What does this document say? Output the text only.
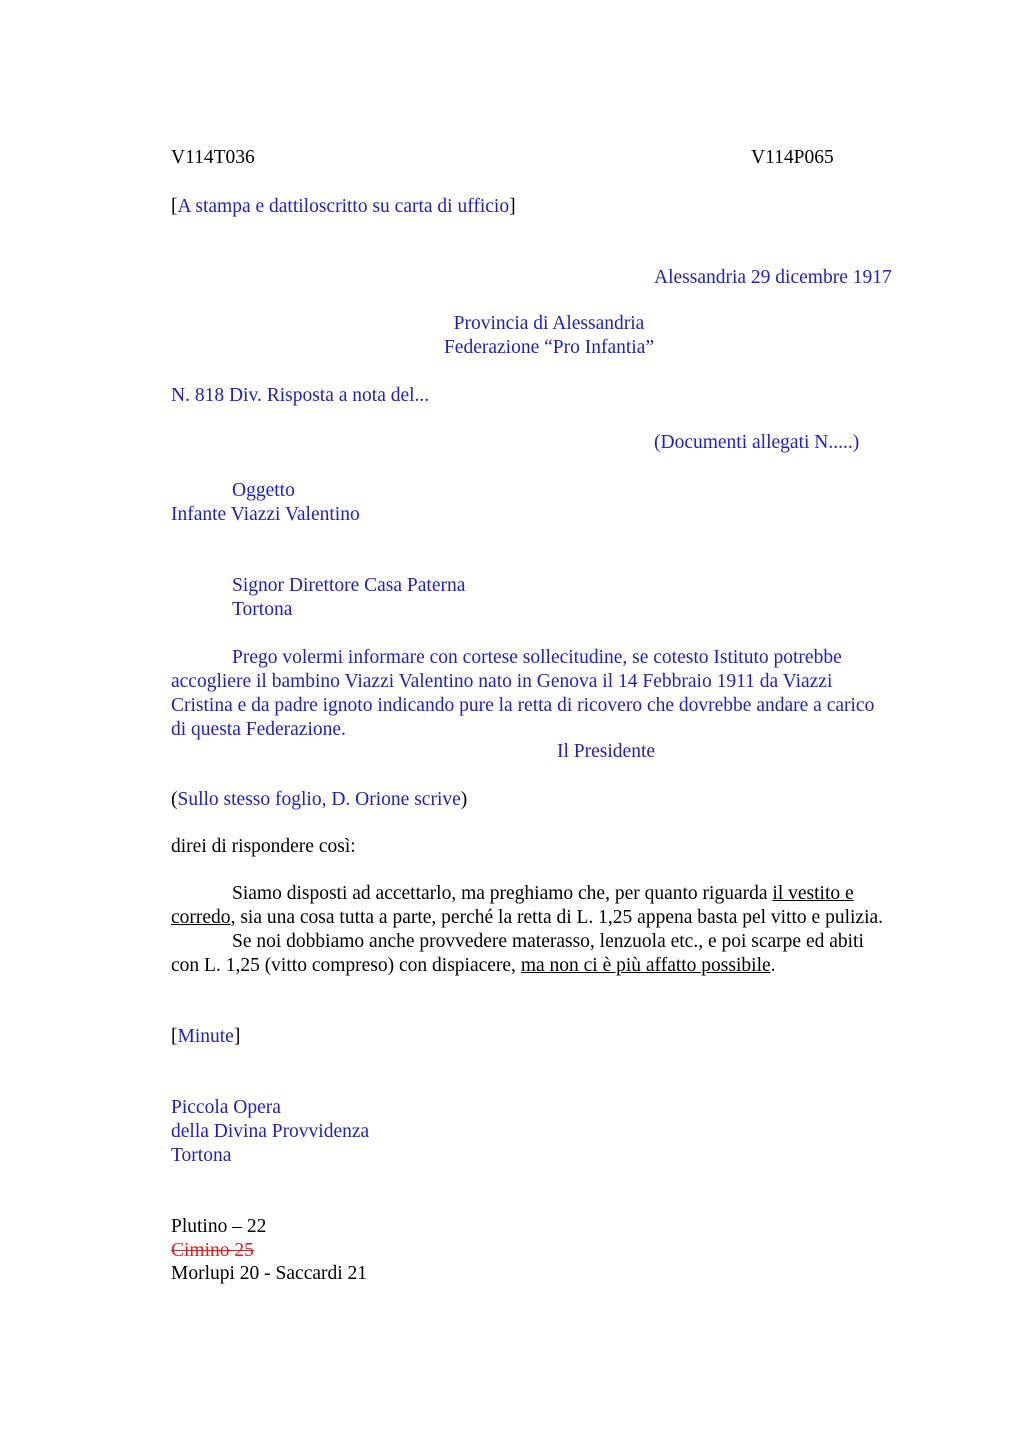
V114T036	V114P065
[A stampa e dattiloscritto su carta di ufficio]
Alessandria 29 dicembre 1917
Provincia di Alessandria
Federazione “Pro Infantia”
N. 818 Div. Risposta a nota del...
(Documenti allegati N.....)
Oggetto
Infante Viazzi Valentino
Signor Direttore Casa Paterna
Tortona
Prego volermi informare con cortese sollecitudine, se cotesto Istituto potrebbe
accogliere il bambino Viazzi Valentino nato in Genova il 14 Febbraio 1911 da Viazzi
Cristina e da padre ignoto indicando pure la retta di ricovero che dovrebbe andare a carico
di questa Federazione.
Il Presidente
(Sullo stesso foglio, D. Orione scrive)
direi di rispondere così:
Siamo disposti ad accettarlo, ma preghiamo che, per quanto riguarda il vestito e
corredo, sia una cosa tutta a parte, perché la retta di L. 1,25 appena basta pel vitto e pulizia.
Se noi dobbiamo anche provvedere materasso, lenzuola etc., e poi scarpe ed abiti
con L. 1,25 (vitto compreso) con dispiacere, ma non ci è più affatto possibile.
[Minute]
Piccola Opera
della Divina Provvidenza
Tortona
Plutino – 22
Cimino 25
Morlupi 20 - Saccardi 21
